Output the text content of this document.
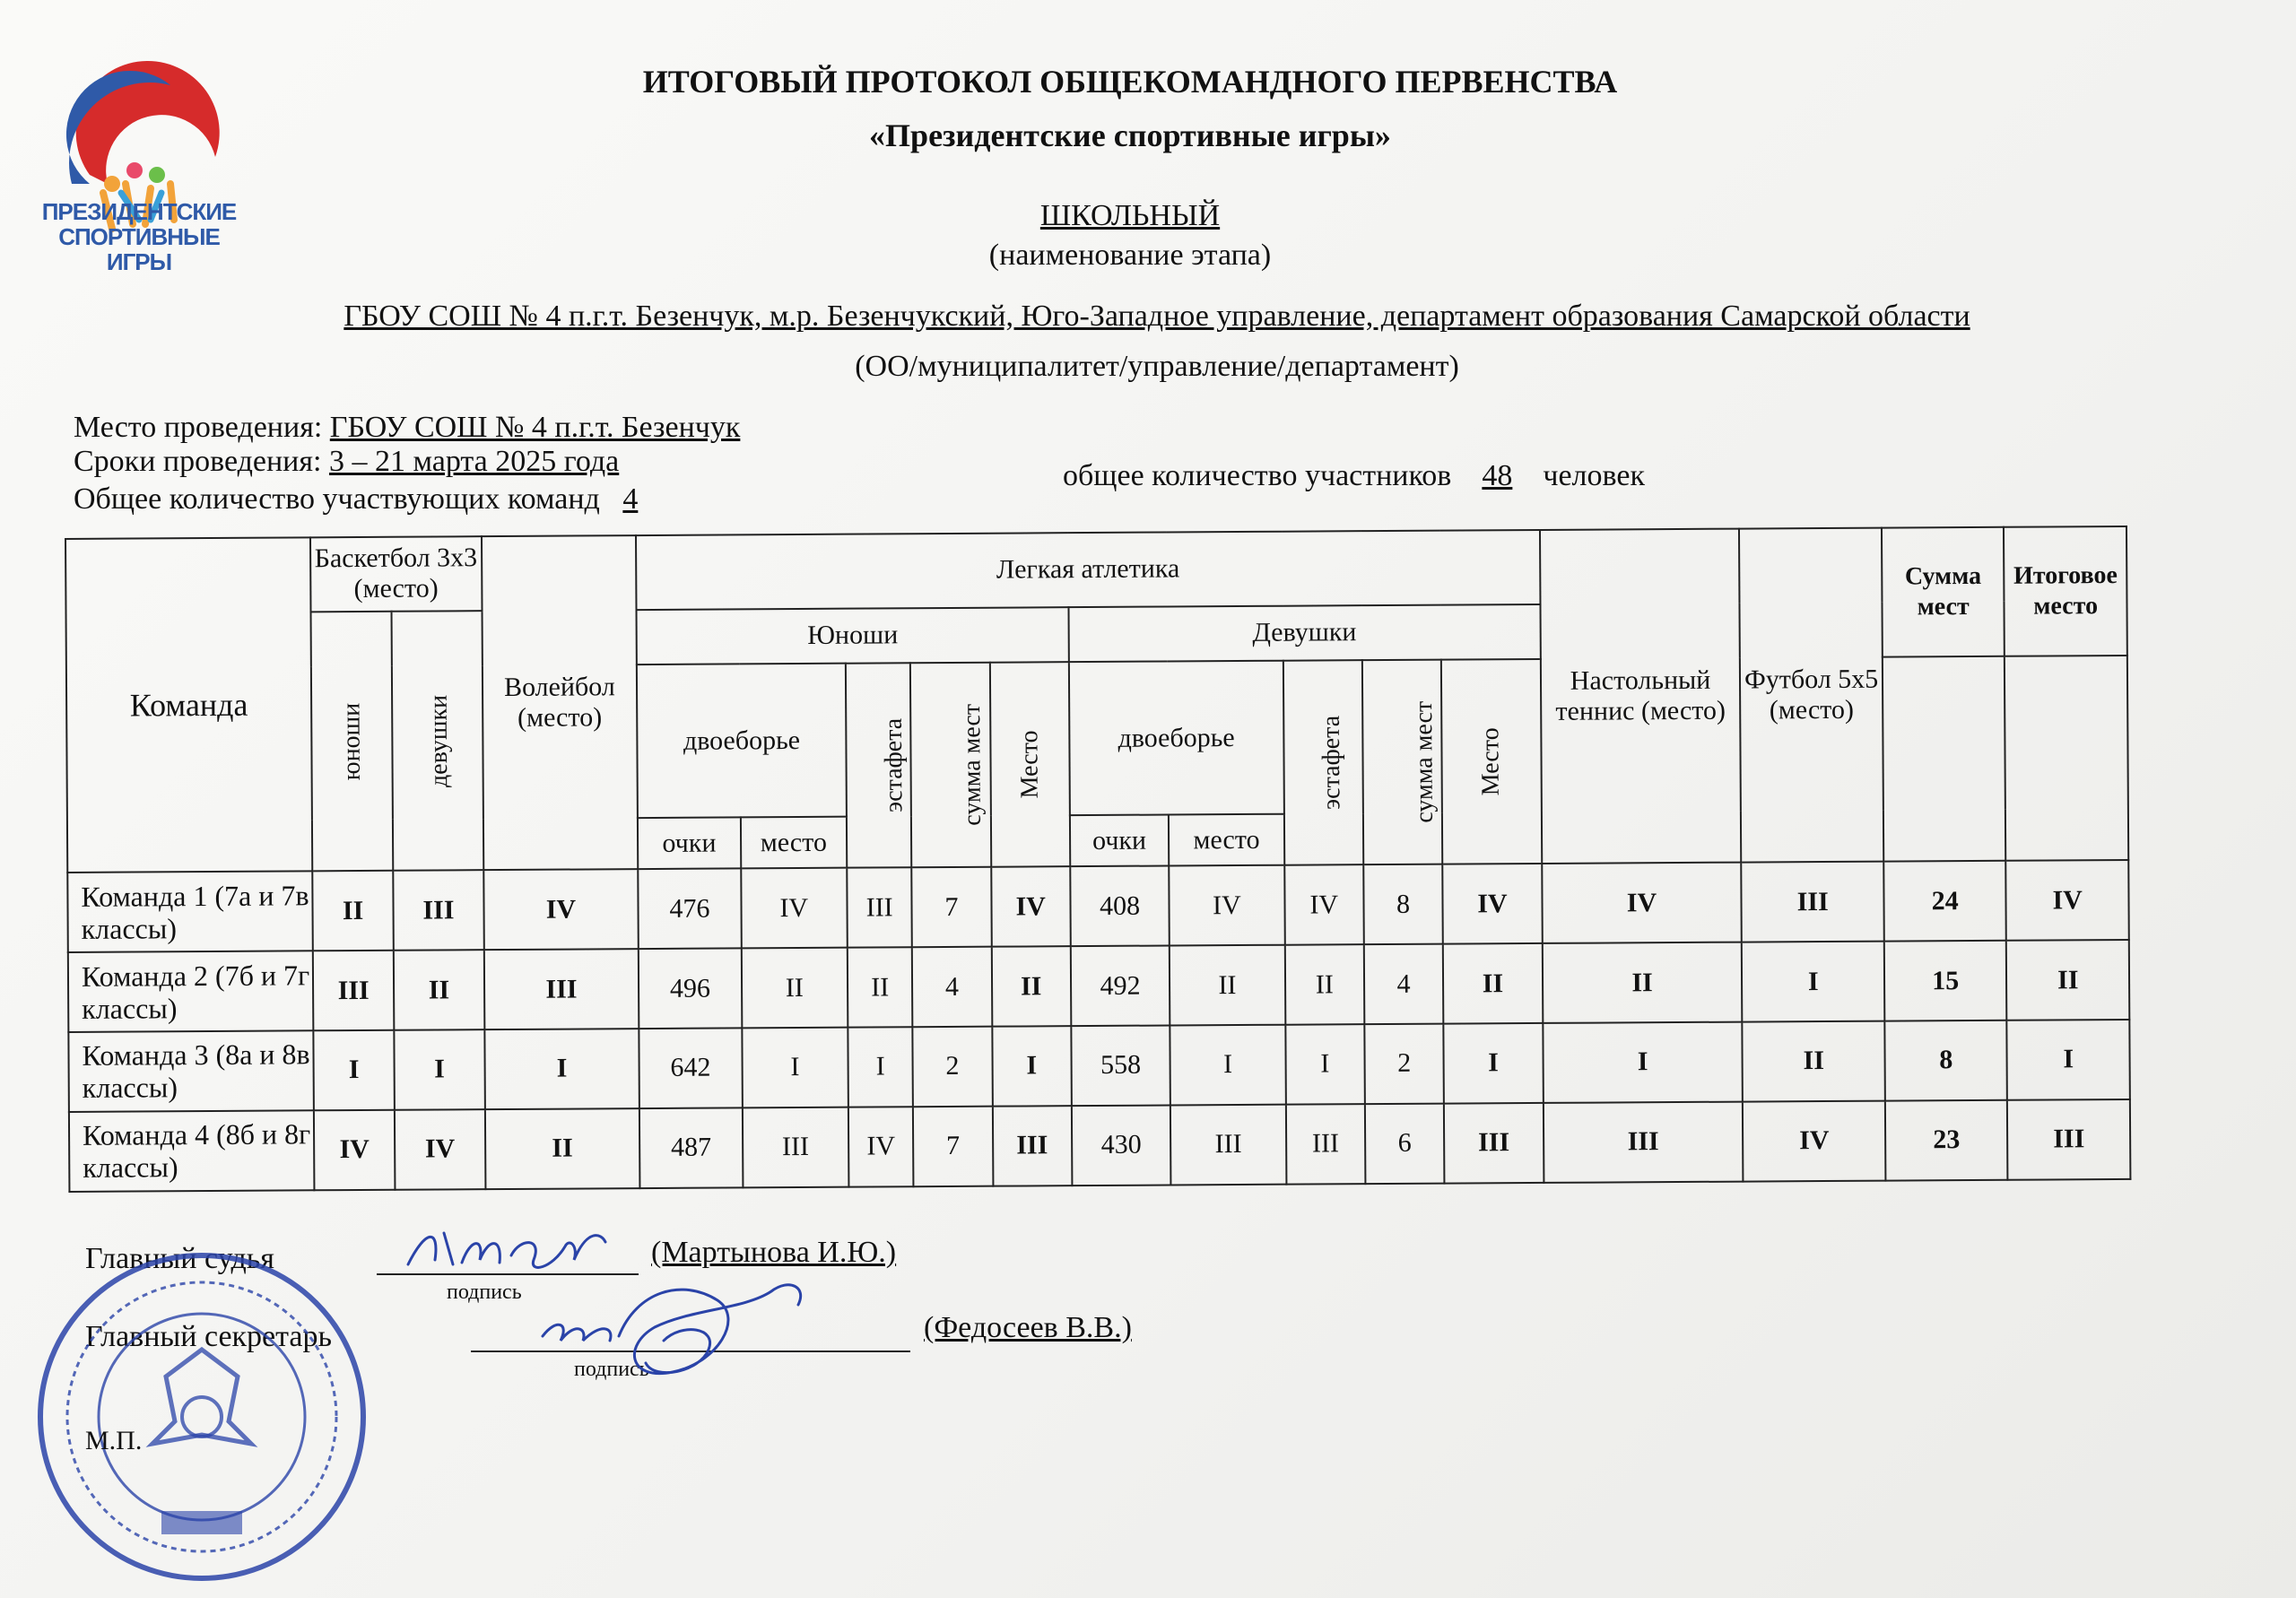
ПРЕЗИДЕНТСКИЕ СПОРТИВНЫЕ ИГРЫ
ИТОГОВЫЙ ПРОТОКОЛ ОБЩЕКОМАНДНОГО ПЕРВЕНСТВА
«Президентские спортивные игры»
ШКОЛЬНЫЙ
(наименование этапа)
ГБОУ СОШ № 4 п.г.т. Безенчук, м.р. Безенчукский, Юго-Западное управление, департамент образования Самарской области
(ОО/муниципалитет/управление/департамент)
Место проведения: ГБОУ СОШ № 4 п.г.т. Безенчук
Сроки проведения: 3 – 21 марта 2025 года
Общее количество участвующих команд 4
общее количество участников 48 человек
Команда	Баскетбол 3х3 (место)		Волейбол (место)	Легкая атлетика										Настольный теннис (место)	Футбол 5х5 (место)	Сумма мест	Итоговое место
	юноши	девушки		Юноши					Девушки								
				двоеборье		эстафета	сумма мест	Место	двоеборье		эстафета	сумма мест	Место				
				очки	место				очки	место							
Команда 1 (7а и 7в классы)	II	III	IV	476	IV	III	7	IV	408	IV	IV	8	IV	IV	III	24	IV
Команда 2 (7б и 7г классы)	III	II	III	496	II	II	4	II	492	II	II	4	II	II	I	15	II
Команда 3 (8а и 8в классы)	I	I	I	642	I	I	2	I	558	I	I	2	I	I	II	8	I
Команда 4 (8б и 8г классы)	IV	IV	II	487	III	IV	7	III	430	III	III	6	III	III	IV	23	III
Главный судья
подпись
(Мартынова И.Ю.)
Главный секретарь
подпись
(Федосеев В.В.)
М.П.
